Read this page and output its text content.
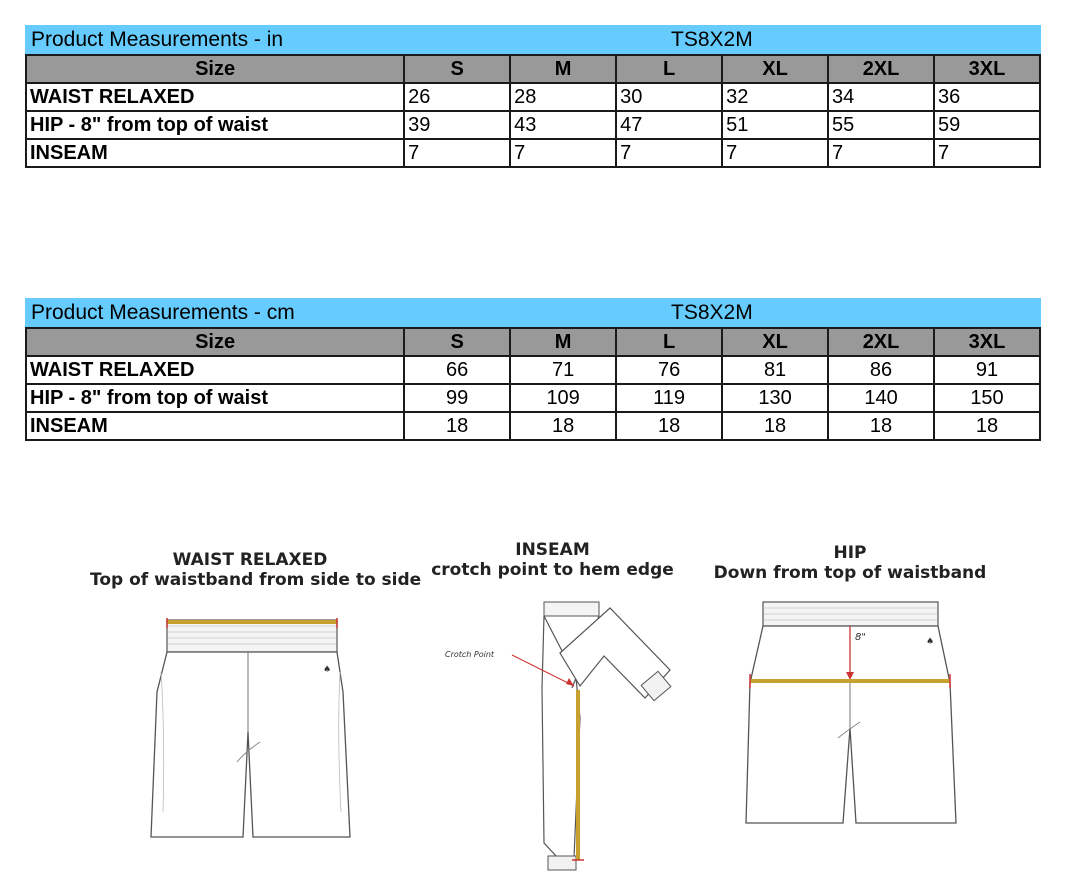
Product Measurements - in	TS8X2M
Size	S	M	L	XL	2XL	3XL
WAIST RELAXED	26	28	30	32	34	36
HIP - 8" from top of waist	39	43	47	51	55	59
INSEAM	7	7	7	7	7	7
Product Measurements - cm	TS8X2M
Size	S	M	L	XL	2XL	3XL
WAIST RELAXED	66	71	76	81	86	91
HIP - 8" from top of waist	99	109	119	130	140	150
INSEAM	18	18	18	18	18	18
WAIST RELAXED
Top of waistband from side to side
INSEAM
crotch point to hem edge
HIP
Down from top of waistband
♠
Crotch Point
♠
8"
